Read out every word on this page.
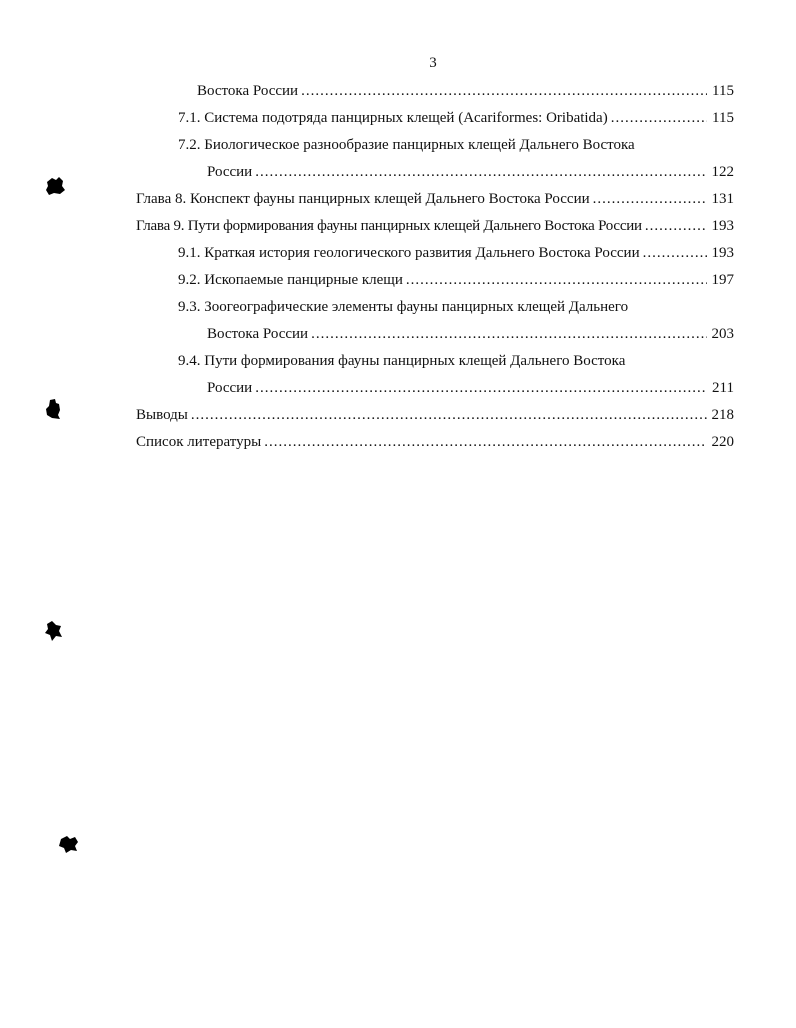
3
Востока России .....	115
7.1. Система подотряда панцирных клещей (Acariformes: Oribatida) .....	115
7.2. Биологическое разнообразие панцирных клещей Дальнего Востока
России .....	122
Глава 8. Конспект фауны панцирных клещей Дальнего Востока России .....	131
Глава 9. Пути формирования фауны панцирных клещей Дальнего Востока России .....	193
9.1. Краткая история геологического развития Дальнего Востока России .....	193
9.2. Ископаемые панцирные клещи .....	197
9.3. Зоогеографические элементы фауны панцирных клещей Дальнего
Востока России .....	203
9.4. Пути формирования фауны панцирных клещей Дальнего Востока
России .....	211
Выводы .....	218
Список литературы .....	220
